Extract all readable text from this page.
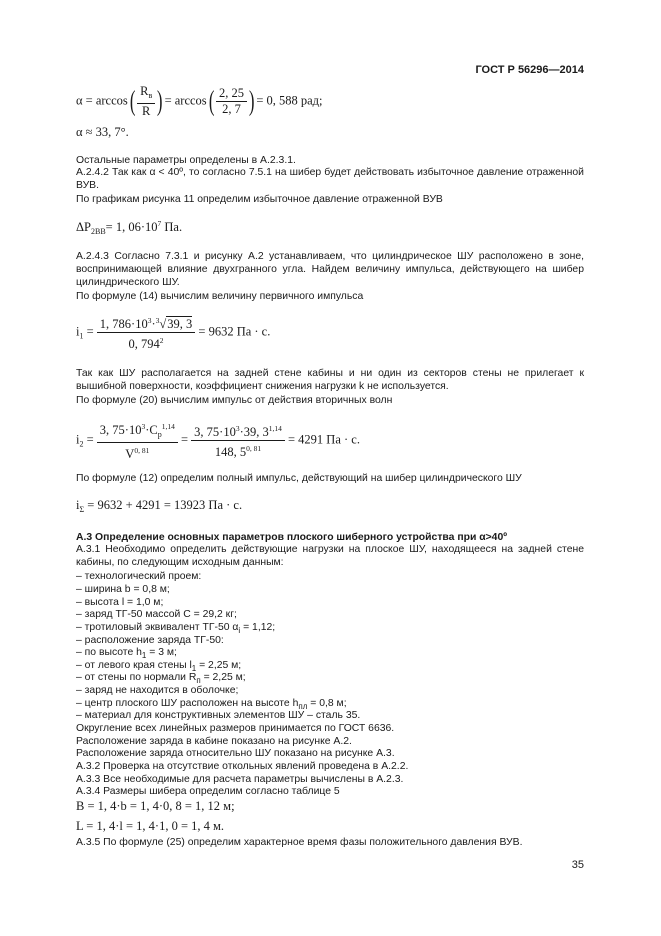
ГОСТ Р 56296—2014
α = arccos( $R_в$
R ) = $\arccos( \frac{2, 25}{2, 7}$ ) = 0, 588 рад;
α ≈ 33, 7°.
Остальные параметры определены в А.2.3.1.
А.2.4.2 Так как α < 40º, то согласно 7.5.1 на шибер будет действовать избыточное давление отраженной ВУВ.
По графикам рисунка 11 определим избыточное давление отраженной ВУВ
$\Delta P_{2ВВ}= 1$, $06\cdot 10^7$ Па.
А.2.4.3 Согласно 7.3.1 и рисунку А.2 устанавливаем, что цилиндрическое ШУ расположено в зоне, воспринимающей влияние двухгранного угла. Найдем величину импульса, действующего на шибер цилиндрического ШУ.
По формуле (14) вычислим величину первичного импульса
$i_1 = \frac{1, 786\cdot 10^3\cdot^3√39, 3}{0, 794^2} = 9632$ Па · с.
Так как ШУ располагается на задней стене кабины и ни один из секторов стены не прилегает к вышибной поверхности, коэффициент снижения нагрузки k не используется.
По формуле (20) вычислим импульс от действия вторичных волн
$i_2 = \frac{3, 75\cdot 10^3\cdot C_p^{1,14}}{V^{0, 81}} = \frac{3, 75\cdot 10^3\cdot 39, 3^{1,14}}{148, 5^{0, 81}} = 4291$ Па · с.
По формуле (12) определим полный импульс, действующий на шибер цилиндрического ШУ
$i_\Sigma = 9632 + 4291 = 13923$ Па · с.
А.3 Определение основных параметров плоского шиберного устройства при α>40º
А.3.1 Необходимо определить действующие нагрузки на плоское ШУ, находящееся на задней стене кабины, по следующим исходным данным:
– технологический проем:
– ширина b = 0,8 м;
– высота l = 1,0 м;
– заряд ТГ-50 массой C = 29,2 кг;
– тротиловый эквивалент ТГ-50 $\alpha_i = 1,12$;
– расположение заряда ТГ-50:
– по высоте $h_1 = 3$ м;
– от левого края стены $l_1 = 2,25$ м;
– от стены по нормали $R_п = 2,25$ м;
– заряд не находится в оболочке;
– центр плоского ШУ расположен на высоте $h_{пл} = 0,8$ м;
– материал для конструктивных элементов ШУ – сталь 35.
Округление всех линейных размеров принимается по ГОСТ 6636.
Расположение заряда в кабине показано на рисунке А.2.
Расположение заряда относительно ШУ показано на рисунке А.3.
А.3.2 Проверка на отсутствие откольных явлений проведена в А.2.2.
А.3.3 Все необходимые для расчета параметры вычислены в А.2.3.
А.3.4 Размеры шибера определим согласно таблице 5
B = 1, 4·b = 1, 4·0, 8 = 1, 12 м;
L = 1, 4·l = 1, 4·1, 0 = 1, 4 м.
А.3.5 По формуле (25) определим характерное время фазы положительного давления ВУВ.
35
